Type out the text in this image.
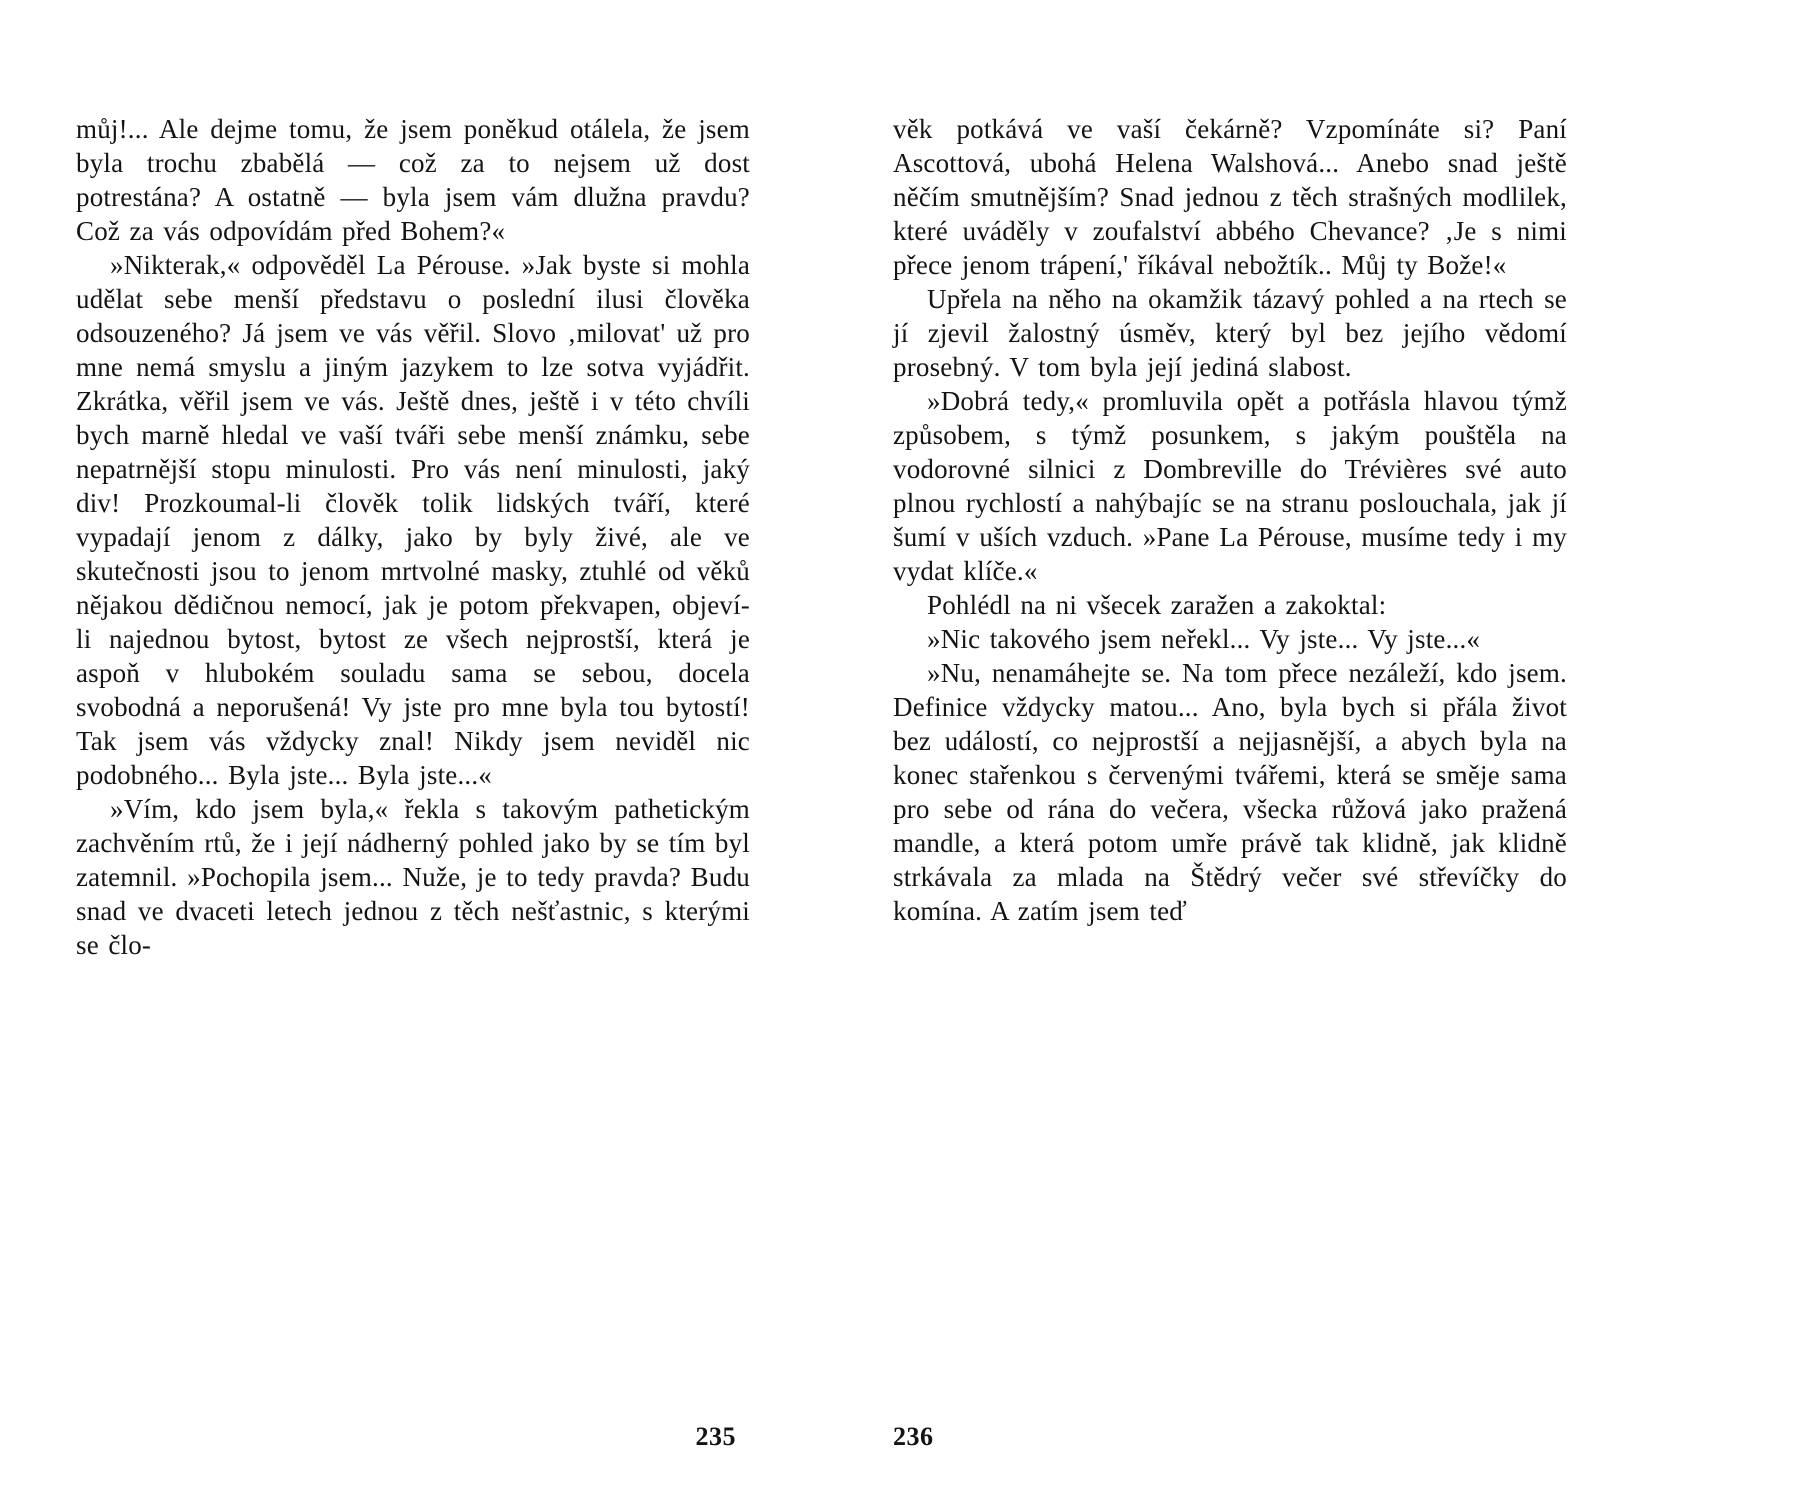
můj!... Ale dejme tomu, že jsem poněkud otálela, že jsem byla trochu zbabělá — což za to nejsem už dost potrestána? A ostatně — byla jsem vám dlužna pravdu? Což za vás odpovídám před Bohem?«

»Nikterak,« odpověděl La Pérouse. »Jak byste si mohla udělat sebe menší představu o poslední ilusi člověka odsouzeného? Já jsem ve vás věřil. Slovo ‚milovat' už pro mne nemá smyslu a jiným jazykem to lze sotva vyjádřit. Zkrátka, věřil jsem ve vás. Ještě dnes, ještě i v této chvíli bych marně hledal ve vaší tváři sebe menší známku, sebe nepatrnější stopu minulosti. Pro vás není minulosti, jaký div! Prozkoumal-li člověk tolik lidských tváří, které vypadají jenom z dálky, jako by byly živé, ale ve skutečnosti jsou to jenom mrtvolné masky, ztuhlé od věků nějakou dědičnou nemocí, jak je potom překvapen, objeví-li najednou bytost, bytost ze všech nejprostší, která je aspoň v hlubokém souladu sama se sebou, docela svobodná a neporušená! Vy jste pro mne byla tou bytostí! Tak jsem vás vždycky znal! Nikdy jsem neviděl nic podobného... Byla jste... Byla jste...«

»Vím, kdo jsem byla,« řekla s takovým pathetickým zachvěním rtů, že i její nádherný pohled jako by se tím byl zatemnil. »Pochopila jsem... Nuže, je to tedy pravda? Budu snad ve dvaceti letech jednou z těch nešťastnic, s kterými se člo-

věk potkává ve vaší čekárně? Vzpomínáte si? Paní Ascottová, ubohá Helena Walshová... Anebo snad ještě něčím smutnějším? Snad jednou z těch strašných modlilek, které uváděly v zoufalství abbého Chevance? ‚Je s nimi přece jenom trápení,' říkával nebožtík.. Můj ty Bože!«

Upřela na něho na okamžik tázavý pohled a na rtech se jí zjevil žalostný úsměv, který byl bez jejího vědomí prosebný. V tom byla její jediná slabost.

»Dobrá tedy,« promluvila opět a potřásla hlavou týmž způsobem, s týmž posunkem, s jakým pouštěla na vodorovné silnici z Dombreville do Trévières své auto plnou rychlostí a nahýbajíc se na stranu poslouchala, jak jí šumí v uších vzduch. »Pane La Pérouse, musíme tedy i my vydat klíče.«

Pohlédl na ni všecek zaražen a zakoktal:

»Nic takového jsem neřekl... Vy jste... Vy jste...«

»Nu, nenamáhejte se. Na tom přece nezáleží, kdo jsem. Definice vždycky matou... Ano, byla bych si přála život bez událostí, co nejprostší a nejjasnější, a abych byla na konec stařenkou s červenými tvářemi, která se směje sama pro sebe od rána do večera, všecka růžová jako pražená mandle, a která potom umře právě tak klidně, jak klidně strkávala za mlada na Štědrý večer své střevíčky do komína. A zatím jsem teď

235	236
